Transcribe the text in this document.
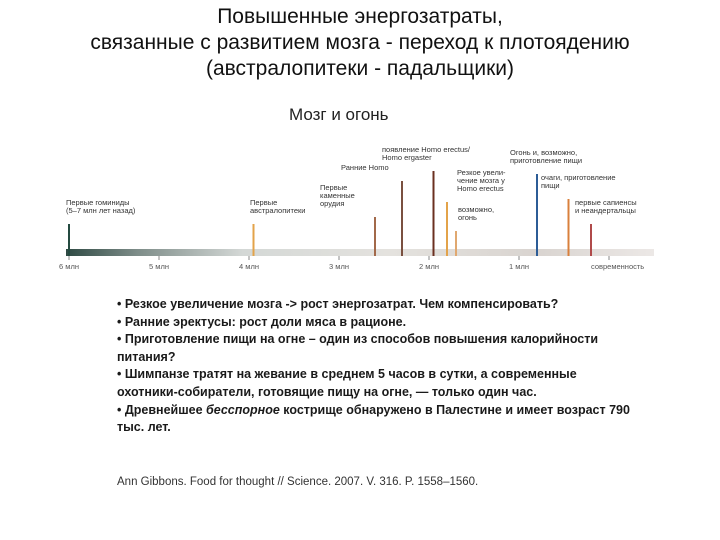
Повышенные энергозатраты,
связанные с развитием мозга - переход к плотоядению
(австралопитеки - падальщики)
Мозг и огонь
Первые гоминиды (5–7 млн лет назад)
Первые австралопитеки
Первые каменные орудия
Ранние Homo
появление Homo erectus/ Homo ergaster
Резкое увели-чение мозга у Homo erectus
возможно, огонь
Огонь и, возможно, приготовление пищи
очаги, приготовление пищи
первые сапиенсы и неандертальцы
6 млн	5 млн	4 млн	3 млн	2 млн	1 млн	современность

• Резкое увеличение мозга -> рост энергозатрат. Чем компенсировать?

• Ранние эректусы: рост доли мяса в рационе.

• Приготовление пищи на огне – один из способов повышения калорийности питания?

• Шимпанзе тратят на жевание в среднем 5 часов в сутки, а современные охотники-собиратели, готовящие пищу на огне, — только один час.

• Древнейшее бесспорное кострище обнаружено в Палестине и имеет возраст 790 тыс. лет.

Ann Gibbons. Food for thought // Science. 2007. V. 316. P. 1558–1560.
